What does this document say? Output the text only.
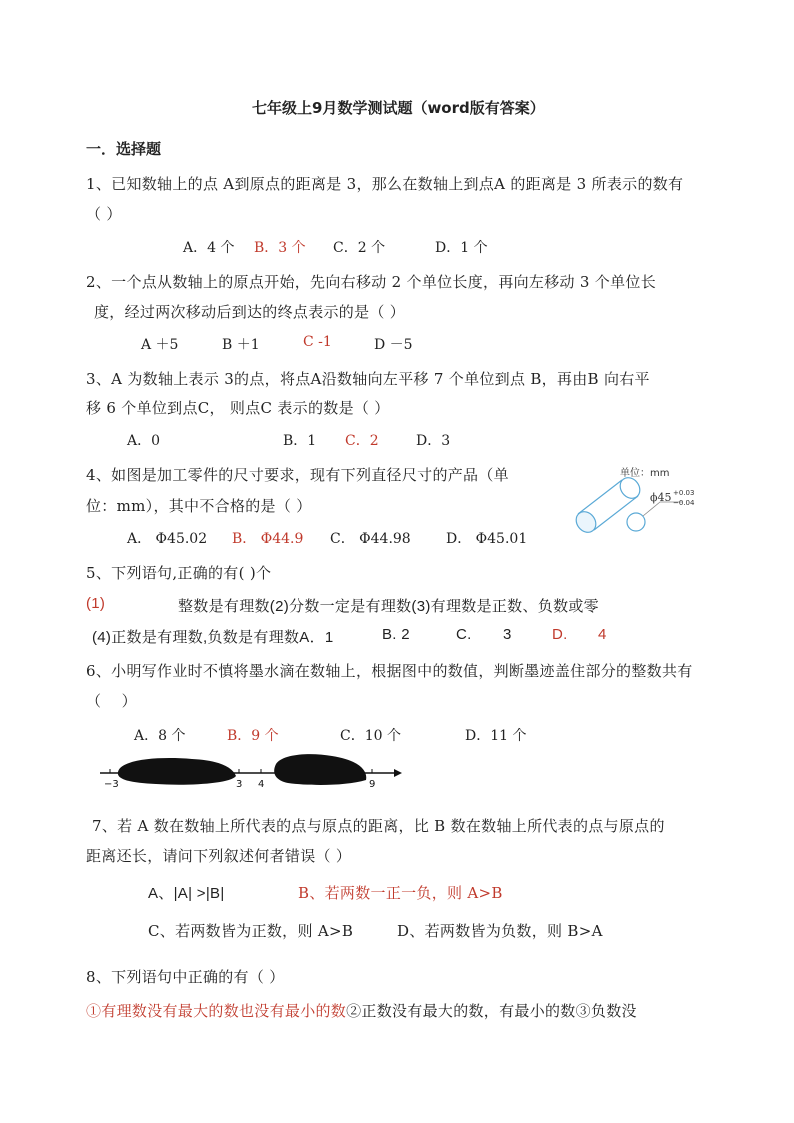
七年级上9月数学测试题（word版有答案）
一．选择题
1、已知数轴上的点 A到原点的距离是 3，那么在数轴上到点A 的距离是 3 所表示的数有
（ ）
A．4 个 B．3 个 C．2 个	D．1 个
2、一个点从数轴上的原点开始，先向右移动 2 个单位长度，再向左移动 3 个单位长
度，经过两次移动后到达的终点表示的是（ ）
A ＋5	B ＋1	C -1	D －5
3、A 为数轴上表示 3的点，将点A沿数轴向左平移 7 个单位到点 B，再由B 向右平
移 6 个单位到点C， 则点C 表示的数是（ ）
A．0	B．1 C．2	D．3
4、如图是加工零件的尺寸要求，现有下列直径尺寸的产品（单
位：mm），其中不合格的是（ ）
A． Φ45.02 B． Φ44.9 C． Φ44.98	D． Φ45.01
单位：mm
ϕ45 +0.03
−0.04
5、下列语句,正确的有( )个
(1)	整数是有理数(2)分数一定是有理数(3)有理数是正数、负数或零
(4)正数是有理数,负数是有理数A．1	B. 2	C. 3	D. 4
6、小明写作业时不慎将墨水滴在数轴上，根据图中的数值，判断墨迹盖住部分的整数共有
（　 ）
A．8 个	B．9 个	C．10 个	D．11 个
−3	3 4	9
7、若 A 数在数轴上所代表的点与原点的距离，比 B 数在数轴上所代表的点与原点的
距离还长，请问下列叙述何者错误（ ）
A、|A| >|B|	B、若两数一正一负，则 A>B
C、若两数皆为正数，则 A>B	D、若两数皆为负数，则 B>A
8、下列语句中正确的有（ ）
①有理数没有最大的数也没有最小的数②正数没有最大的数，有最小的数③负数没
